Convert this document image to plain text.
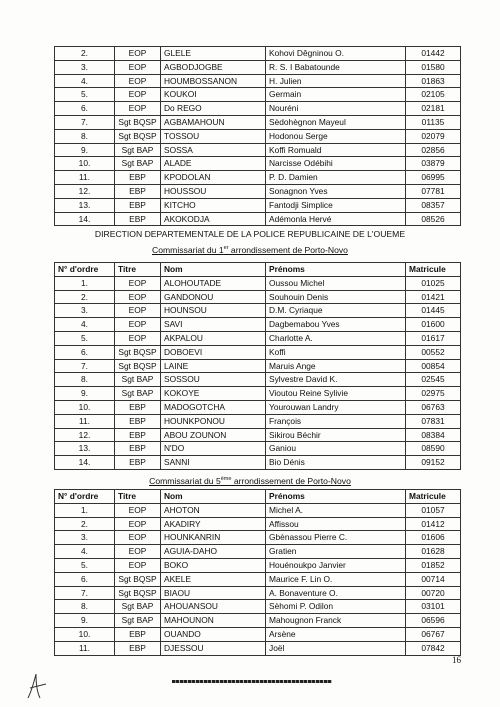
2.	EOP	GLELE	Kohovi Dêgninou O.	01442
3.	EOP	AGBODJOGBE	R. S. I Babatounde	01580
4.	EOP	HOUMBOSSANON	H. Julien	01863
5.	EOP	KOUKOI	Germain	02105
6.	EOP	Do REGO	Nouréni	02181
7.	Sgt BQSP	AGBAMAHOUN	Sèdohègnon Mayeul	01135
8.	Sgt BQSP	TOSSOU	Hodonou Serge	02079
9.	Sgt BAP	SOSSA	Koffi Romuald	02856
10.	Sgt BAP	ALADE	Narcisse Odébihi	03879
11.	EBP	KPODOLAN	P. D. Damien	06995
12.	EBP	HOUSSOU	Sonagnon Yves	07781
13.	EBP	KITCHO	Fantodji Simplice	08357
14.	EBP	AKOKODJA	Adémonla Hervé	08526
DIRECTION DEPARTEMENTALE DE LA POLICE REPUBLICAINE DE L'OUEME
Commissariat du 1er arrondissement de Porto-Novo
N° d'ordre	Titre	Nom	Prénoms	Matricule
1.	EOP	ALOHOUTADE	Oussou Michel	01025
2.	EOP	GANDONOU	Souhouin Denis	01421
3.	EOP	HOUNSOU	D.M. Cyriaque	01445
4.	EOP	SAVI	Dagbemabou Yves	01600
5.	EOP	AKPALOU	Charlotte A.	01617
6.	Sgt BQSP	DOBOEVI	Koffi	00552
7.	Sgt BQSP	LAINE	Maruis Ange	00854
8.	Sgt BAP	SOSSOU	Sylvestre David K.	02545
9.	Sgt BAP	KOKOYE	Vioutou Reine Sylivie	02975
10.	EBP	MADOGOTCHA	Yourouwan Landry	06763
11.	EBP	HOUNKPONOU	François	07831
12.	EBP	ABOU ZOUNON	Sikirou Béchir	08384
13.	EBP	N'DO	Ganiou	08590
14.	EBP	SANNI	Bio Dénis	09152
Commissariat du 5ème arrondissement de Porto-Novo
N° d'ordre	Titre	Nom	Prénoms	Matricule
1.	EOP	AHOTON	Michel A.	01057
2.	EOP	AKADIRY	Affissou	01412
3.	EOP	HOUNKANRIN	Gbènassou Pierre C.	01606
4.	EOP	AGUIA-DAHO	Gratien	01628
5.	EOP	BOKO	Houénoukpo Janvier	01852
6.	Sgt BQSP	AKELE	Maurice F. Lin O.	00714
7.	Sgt BQSP	BIAOU	A. Bonaventure O.	00720
8.	Sgt BAP	AHOUANSOU	Sèhomi P. Odilon	03101
9.	Sgt BAP	MAHOUNON	Mahougnon Franck	06596
10.	EBP	OUANDO	Arsène	06767
11.	EBP	DJESSOU	Joël	07842
16
